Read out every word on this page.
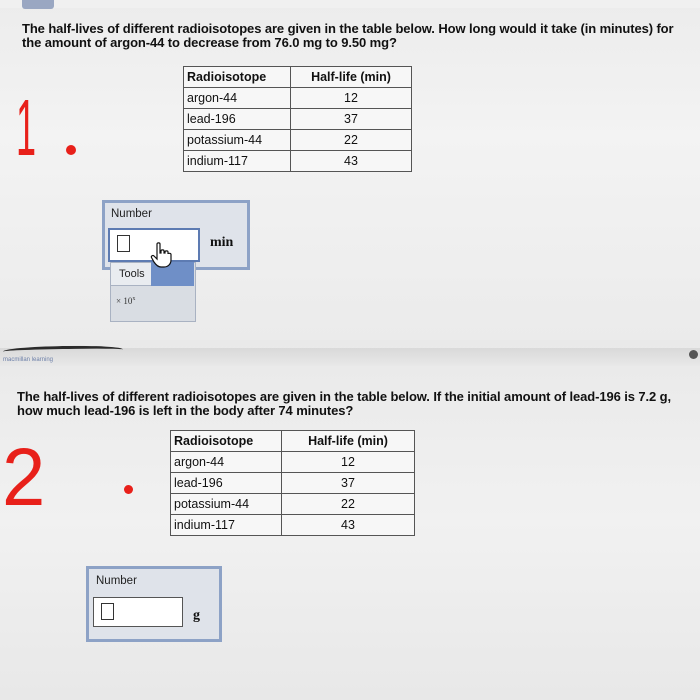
The half-lives of different radioisotopes are given in the table below. How long would it take (in minutes) for the amount of argon-44 to decrease from 76.0 mg to 9.50 mg?
Radioisotope	Half-life (min)
argon-44	12
lead-196	37
potassium-44	22
indium-117	43
1
Number
min
Tools
× $10^x$
macmillan learning
The half-lives of different radioisotopes are given in the table below. If the initial amount of lead-196 is 7.2 g, how much lead-196 is left in the body after 74 minutes?
Radioisotope	Half-life (min)
argon-44	12
lead-196	37
potassium-44	22
indium-117	43
2
Number
g
